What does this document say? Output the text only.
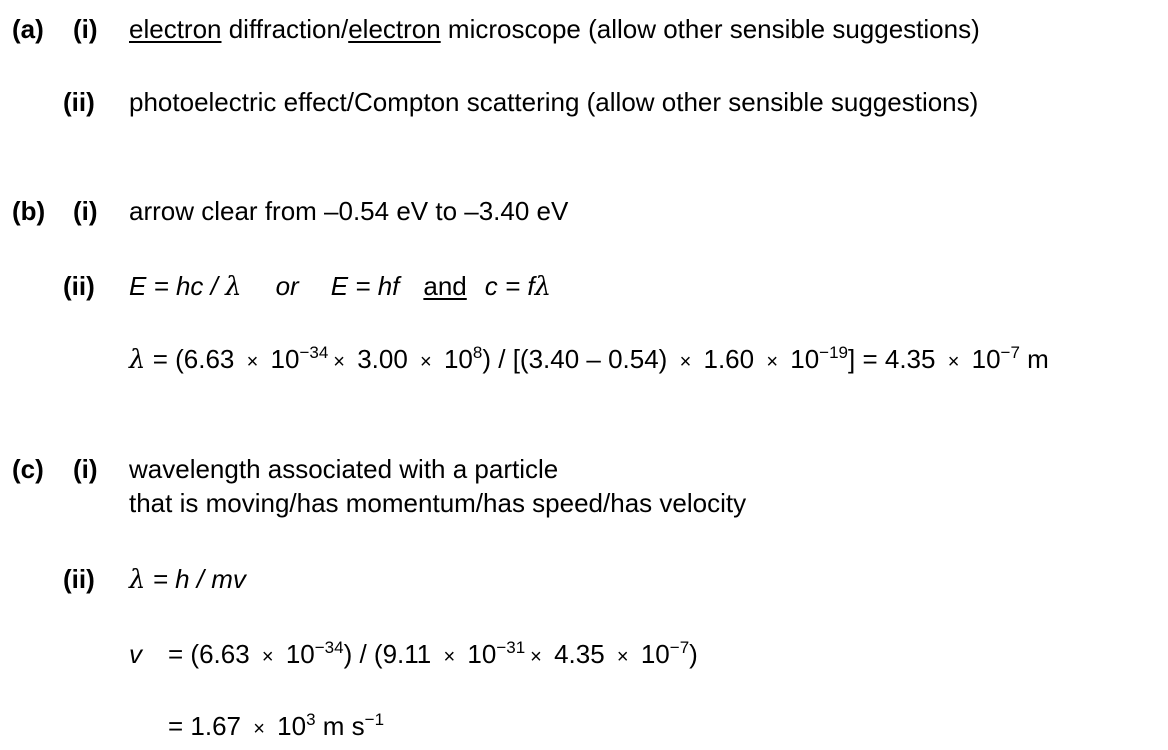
(a) (i) electron diffraction/electron microscope (allow other sensible suggestions)
(ii) photoelectric effect/Compton scattering (allow other sensible suggestions)
(b) (i) arrow clear from –0.54 eV to –3.40 eV
(ii) E = hc / λ or E = hf and c = fλ
$\lambda = (6.63 \times 10^{-34} \times 3.00 \times 10^8) / [(3.40 - 0.54) \times 1.60 \times 10^{-19}] = 4.35 \times 10^{-7}$ m
(c) (i) wavelength associated with a particle
that is moving/has momentum/has speed/has velocity
(ii) λ = h / mv
$v = (6.63 \times 10^{-34}) / (9.11 \times 10^{-31} \times 4.35 \times 10^{-7})$
= $1.67 \times 10^3$ m $s^{-1}$
